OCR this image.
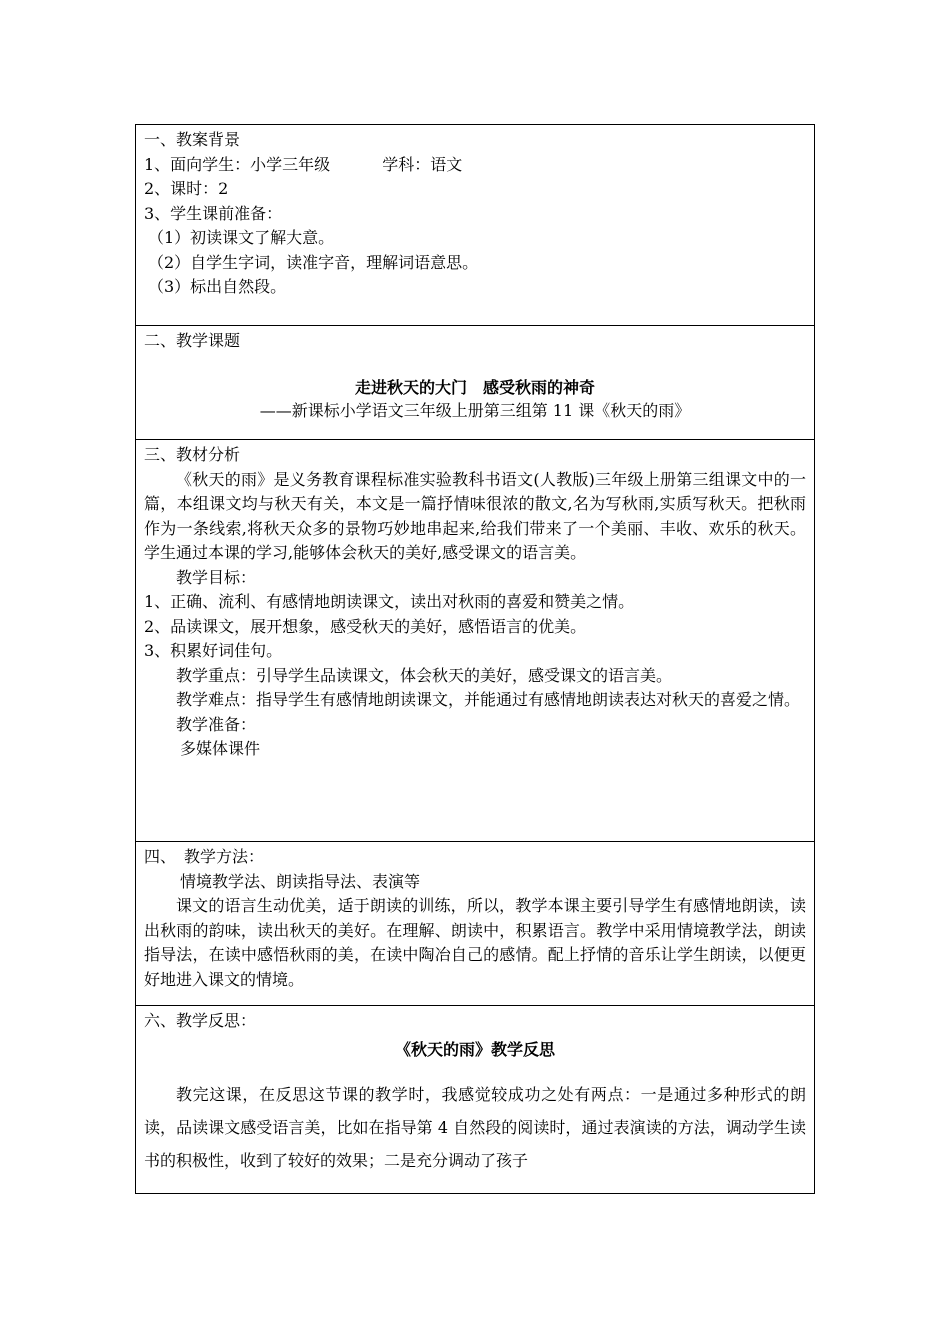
一、教案背景
1、面向学生：小学三年级	学科：语文
2、课时：2
3、学生课前准备：
（1）初读课文了解大意。
（2）自学生字词，读准字音，理解词语意思。
（3）标出自然段。
二、教学课题
走进秋天的大门　感受秋雨的神奇
——新课标小学语文三年级上册第三组第 11 课《秋天的雨》
三、教材分析
《秋天的雨》是义务教育课程标准实验教科书语文(人教版)三年级上册第三组课文中的一篇，本组课文均与秋天有关，本文是一篇抒情味很浓的散文,名为写秋雨,实质写秋天。把秋雨作为一条线索,将秋天众多的景物巧妙地串起来,给我们带来了一个美丽、丰收、欢乐的秋天。学生通过本课的学习,能够体会秋天的美好,感受课文的语言美。
教学目标：
1、正确、流利、有感情地朗读课文，读出对秋雨的喜爱和赞美之情。
2、品读课文，展开想象，感受秋天的美好，感悟语言的优美。
3、积累好词佳句。
教学重点：引导学生品读课文，体会秋天的美好，感受课文的语言美。
教学难点：指导学生有感情地朗读课文，并能通过有感情地朗读表达对秋天的喜爱之情。
教学准备：
多媒体课件
四、　教学方法：
情境教学法、朗读指导法、表演等
课文的语言生动优美，适于朗读的训练，所以，教学本课主要引导学生有感情地朗读，读出秋雨的韵味，读出秋天的美好。在理解、朗读中，积累语言。教学中采用情境教学法，朗读指导法，在读中感悟秋雨的美，在读中陶冶自己的感情。配上抒情的音乐让学生朗读，以便更好地进入课文的情境。
六、教学反思：
《秋天的雨》教学反思
教完这课，在反思这节课的教学时，我感觉较成功之处有两点：一是通过多种形式的朗读，品读课文感受语言美，比如在指导第 4 自然段的阅读时，通过表演读的方法，调动学生读书的积极性，收到了较好的效果；二是充分调动了孩子
